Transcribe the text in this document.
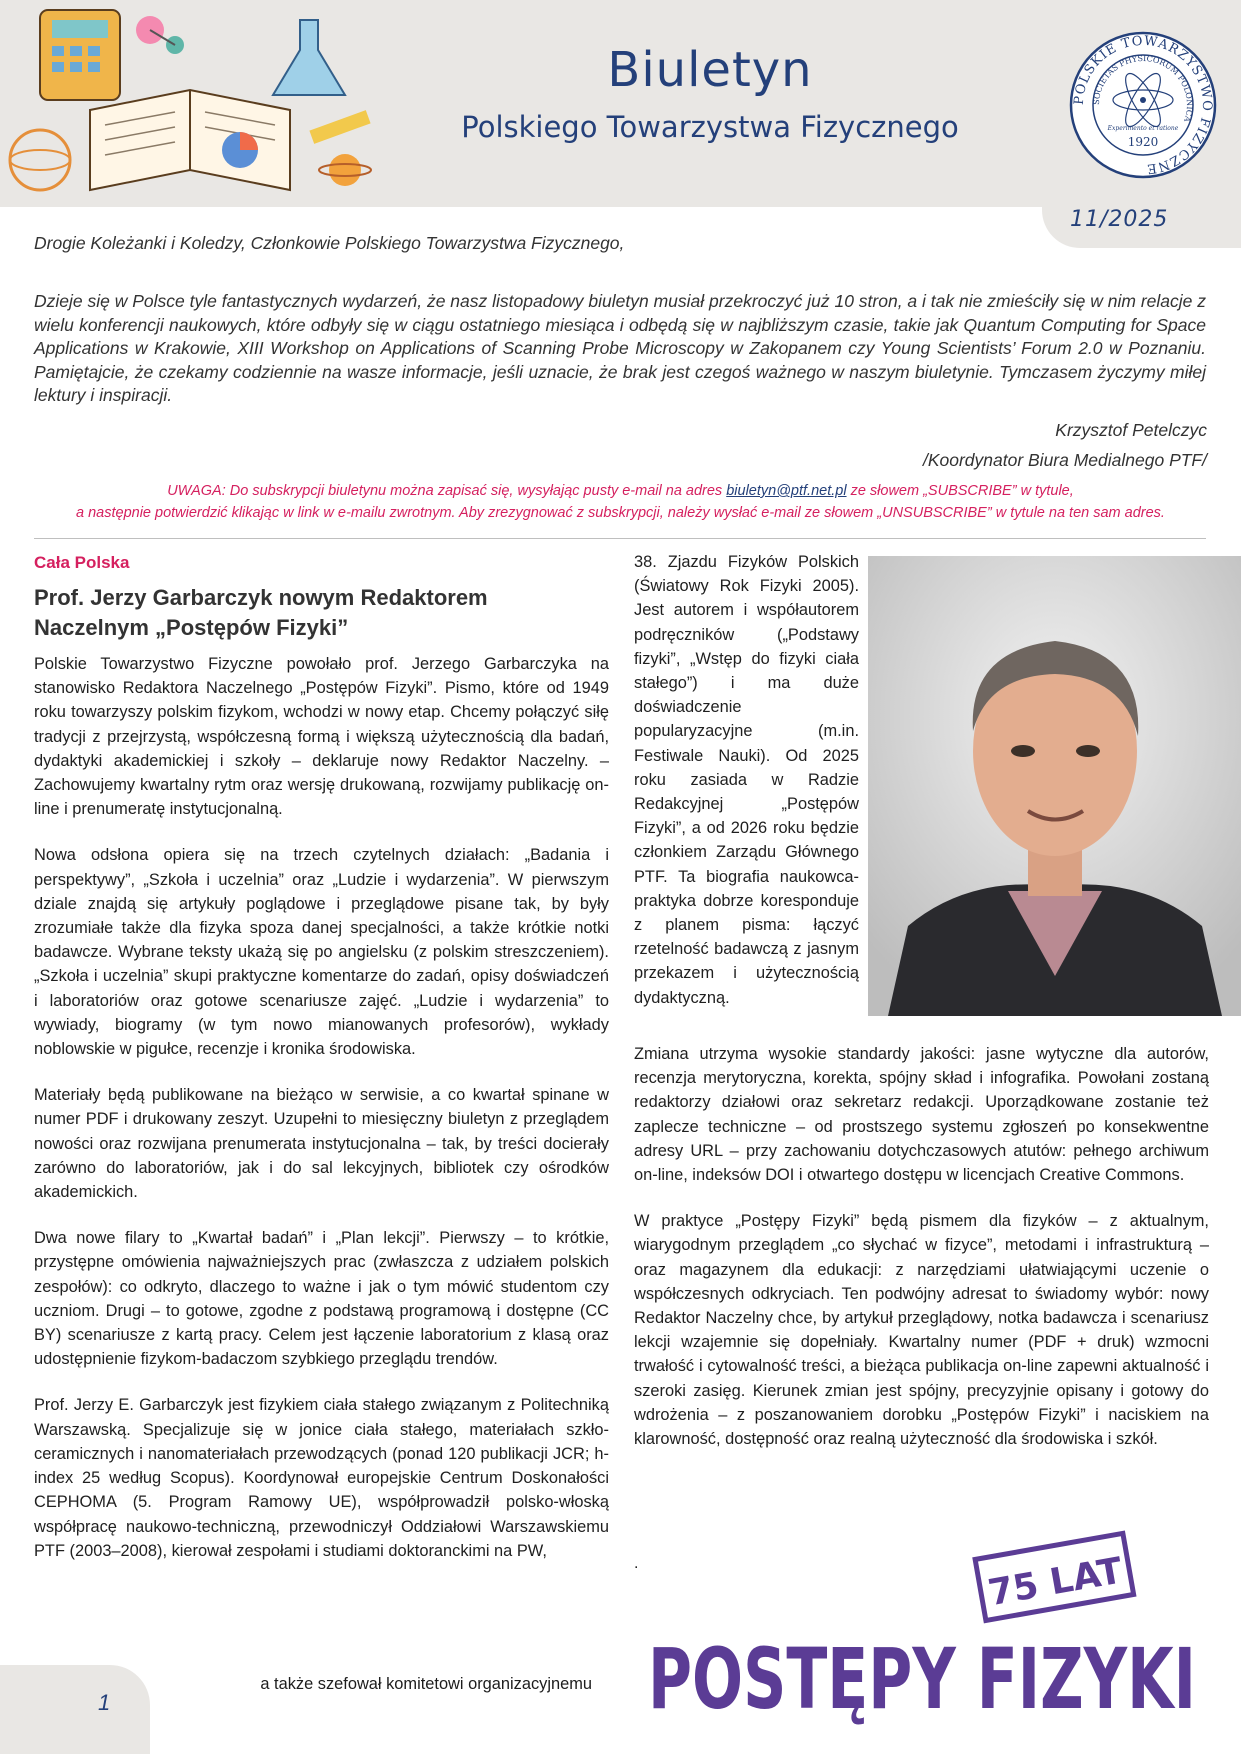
Biuletyn
Polskiego Towarzystwa Fizycznego
POLSKIE TOWARZYSTWO FIZYCZNE
SOCIETAS PHYSICORUM POLONICA
Experimento et ratione
1920
11/2025
Drogie Koleżanki i Koledzy, Członkowie Polskiego Towarzystwa Fizycznego,
Dzieje się w Polsce tyle fantastycznych wydarzeń, że nasz listopadowy biuletyn musiał przekroczyć już 10 stron, a i tak nie zmieściły się w nim relacje z wielu konferencji naukowych, które odbyły się w ciągu ostatniego miesiąca i odbędą się w najbliższym czasie, takie jak Quantum Computing for Space Applications w Krakowie, XIII Workshop on Applications of Scanning Probe Microscopy w Zakopanem czy Young Scientists’ Forum 2.0 w Poznaniu. Pamiętajcie, że czekamy codziennie na wasze informacje, jeśli uznacie, że brak jest czegoś ważnego w naszym biuletynie. Tymczasem życzymy miłej lektury i inspiracji.
Krzysztof Petelczyc
/Koordynator Biura Medialnego PTF/
UWAGA: Do subskrypcji biuletynu można zapisać się, wysyłając pusty e-mail na adres biuletyn@ptf.net.pl ze słowem „SUBSCRIBE” w tytule,
a następnie potwierdzić klikając w link w e-mailu zwrotnym. Aby zrezygnować z subskrypcji, należy wysłać e-mail ze słowem „UNSUBSCRIBE” w tytule na ten sam adres.
Cała Polska
Prof. Jerzy Garbarczyk nowym Redaktorem Naczelnym „Postępów Fizyki”

Polskie Towarzystwo Fizyczne powołało prof. Jerzego Garbarczyka na stanowisko Redaktora Naczelnego „Postępów Fizyki”. Pismo, które od 1949 roku towarzyszy polskim fizykom, wchodzi w nowy etap. Chcemy połączyć siłę tradycji z przejrzystą, współczesną formą i większą użytecznością dla badań, dydaktyki akademickiej i szkoły – deklaruje nowy Redaktor Naczelny. – Zachowujemy kwartalny rytm oraz wersję drukowaną, rozwijamy publikację on-line i prenumeratę instytucjonalną.

Nowa odsłona opiera się na trzech czytelnych działach: „Badania i perspektywy”, „Szkoła i uczelnia” oraz „Ludzie i wydarzenia”. W pierwszym dziale znajdą się artykuły poglądowe i przeglądowe pisane tak, by były zrozumiałe także dla fizyka spoza danej specjalności, a także krótkie notki badawcze. Wybrane teksty ukażą się po angielsku (z polskim streszczeniem). „Szkoła i uczelnia” skupi praktyczne komentarze do zadań, opisy doświadczeń i laboratoriów oraz gotowe scenariusze zajęć. „Ludzie i wydarzenia” to wywiady, biogramy (w tym nowo mianowanych profesorów), wykłady noblowskie w pigułce, recenzje i kronika środowiska.

Materiały będą publikowane na bieżąco w serwisie, a co kwartał spinane w numer PDF i drukowany zeszyt. Uzupełni to miesięczny biuletyn z przeglądem nowości oraz rozwijana prenumerata instytucjonalna – tak, by treści docierały zarówno do laboratoriów, jak i do sal lekcyjnych, bibliotek czy ośrodków akademickich.

Dwa nowe filary to „Kwartał badań” i „Plan lekcji”. Pierwszy – to krótkie, przystępne omówienia najważniejszych prac (zwłaszcza z udziałem polskich zespołów): co odkryto, dlaczego to ważne i jak o tym mówić studentom czy uczniom. Drugi – to gotowe, zgodne z podstawą programową i dostępne (CC BY) scenariusze z kartą pracy. Celem jest łączenie laboratorium z klasą oraz udostępnienie fizykom-badaczom szybkiego przeglądu trendów.

Prof. Jerzy E. Garbarczyk jest fizykiem ciała stałego związanym z Politechniką Warszawską. Specjalizuje się w jonice ciała stałego, materiałach szkło-ceramicznych i nanomateriałach przewodzących (ponad 120 publikacji JCR; h-index 25 według Scopus). Koordynował europejskie Centrum Doskonałości CEPHOMA (5. Program Ramowy UE), współprowadził polsko-włoską współpracę naukowo-techniczną, przewodniczył Oddziałowi Warszawskiemu PTF (2003–2008), kierował zespołami i studiami doktoranckimi na PW,

38. Zjazdu Fizyków Polskich (Światowy Rok Fizyki 2005). Jest autorem i współautorem podręczników („Podstawy fizyki”, „Wstęp do fizyki ciała stałego”) i ma duże doświadczenie popularyzacyjne (m.in. Festiwale Nauki). Od 2025 roku zasiada w Radzie Redakcyjnej „Postępów Fizyki”, a od 2026 roku będzie członkiem Zarządu Głównego PTF. Ta biografia naukowca-praktyka dobrze koresponduje z planem pisma: łączyć rzetelność badawczą z jasnym przekazem i użytecznością dydaktyczną.

Zmiana utrzyma wysokie standardy jakości: jasne wytyczne dla autorów, recenzja merytoryczna, korekta, spójny skład i infografika. Powołani zostaną redaktorzy działowi oraz sekretarz redakcji. Uporządkowane zostanie też zaplecze techniczne – od prostszego systemu zgłoszeń po konsekwentne adresy URL – przy zachowaniu dotychczasowych atutów: pełnego archiwum on-line, indeksów DOI i otwartego dostępu w licencjach Creative Commons.

W praktyce „Postępy Fizyki” będą pismem dla fizyków – z aktualnym, wiarygodnym przeglądem „co słychać w fizyce”, metodami i infrastrukturą – oraz magazynem dla edukacji: z narzędziami ułatwiającymi uczenie o współczesnych odkryciach. Ten podwójny adresat to świadomy wybór: nowy Redaktor Naczelny chce, by artykuł przeglądowy, notka badawcza i scenariusz lekcji wzajemnie się dopełniały. Kwartalny numer (PDF + druk) wzmocni trwałość i cytowalność treści, a bieżąca publikacja on-line zapewni aktualność i szeroki zasięg. Kierunek zmian jest spójny, precyzyjnie opisany i gotowy do wdrożenia – z poszanowaniem dorobku „Postępów Fizyki” i naciskiem na klarowność, dostępność oraz realną użyteczność dla środowiska i szkół.

.	75 LAT
POSTĘPY FIZYKI
a także szefował komitetowi organizacyjnemu
1
